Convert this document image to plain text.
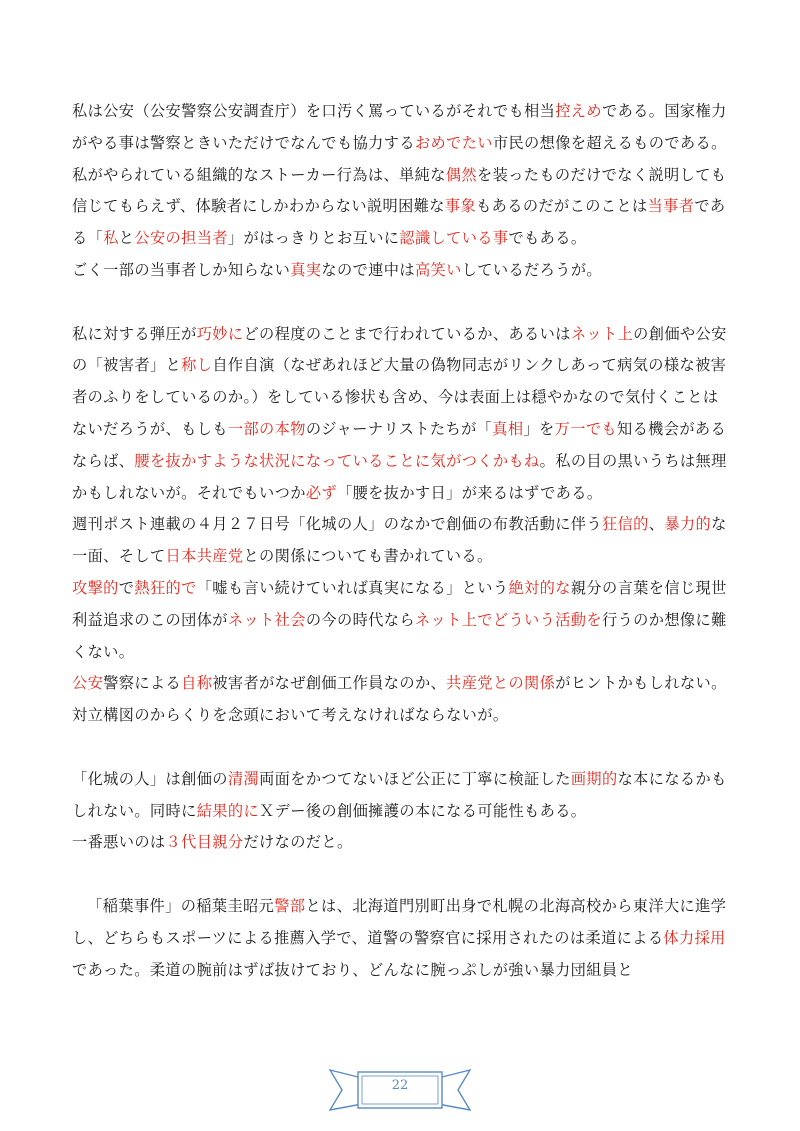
私は公安（公安警察公安調査庁）を口汚く罵っているがそれでも相当控えめである。国家権力がやる事は警察ときいただけでなんでも協力するおめでたい市民の想像を超えるものである。

私がやられている組織的なストーカー行為は、単純な偶然を装ったものだけでなく説明しても信じてもらえず、体験者にしかわからない説明困難な事象もあるのだがこのことは当事者である「私と公安の担当者」がはっきりとお互いに認識している事でもある。

ごく一部の当事者しか知らない真実なので連中は高笑いしているだろうが。

私に対する弾圧が巧妙にどの程度のことまで行われているか、あるいはネット上の創価や公安の「被害者」と称し自作自演（なぜあれほど大量の偽物同志がリンクしあって病気の様な被害者のふりをしているのか。）をしている惨状も含め、今は表面上は穏やかなので気付くことはないだろうが、もしも一部の本物のジャーナリストたちが「真相」を万一でも知る機会があるならば、腰を抜かすような状況になっていることに気がつくかもね。私の目の黒いうちは無理かもしれないが。それでもいつか必ず「腰を抜かす日」が来るはずである。

週刊ポスト連載の４月２７日号「化城の人」のなかで創価の布教活動に伴う狂信的、暴力的な一面、そして日本共産党との関係についても書かれている。

攻撃的で熱狂的で「嘘も言い続けていれば真実になる」という絶対的な親分の言葉を信じ現世利益追求のこの団体がネット社会の今の時代ならネット上でどういう活動を行うのか想像に難くない。

公安警察による自称被害者がなぜ創価工作員なのか、共産党との関係がヒントかもしれない。対立構図のからくりを念頭において考えなければならないが。

「化城の人」は創価の清濁両面をかつてないほど公正に丁寧に検証した画期的な本になるかもしれない。同時に結果的にＸデー後の創価擁護の本になる可能性もある。

一番悪いのは３代目親分だけなのだと。

「稲葉事件」の稲葉圭昭元警部とは、北海道門別町出身で札幌の北海高校から東洋大に進学し、どちらもスポーツによる推薦入学で、道警の警察官に採用されたのは柔道による体力採用であった。柔道の腕前はずば抜けており、どんなに腕っぷしが強い暴力団組員と

22
